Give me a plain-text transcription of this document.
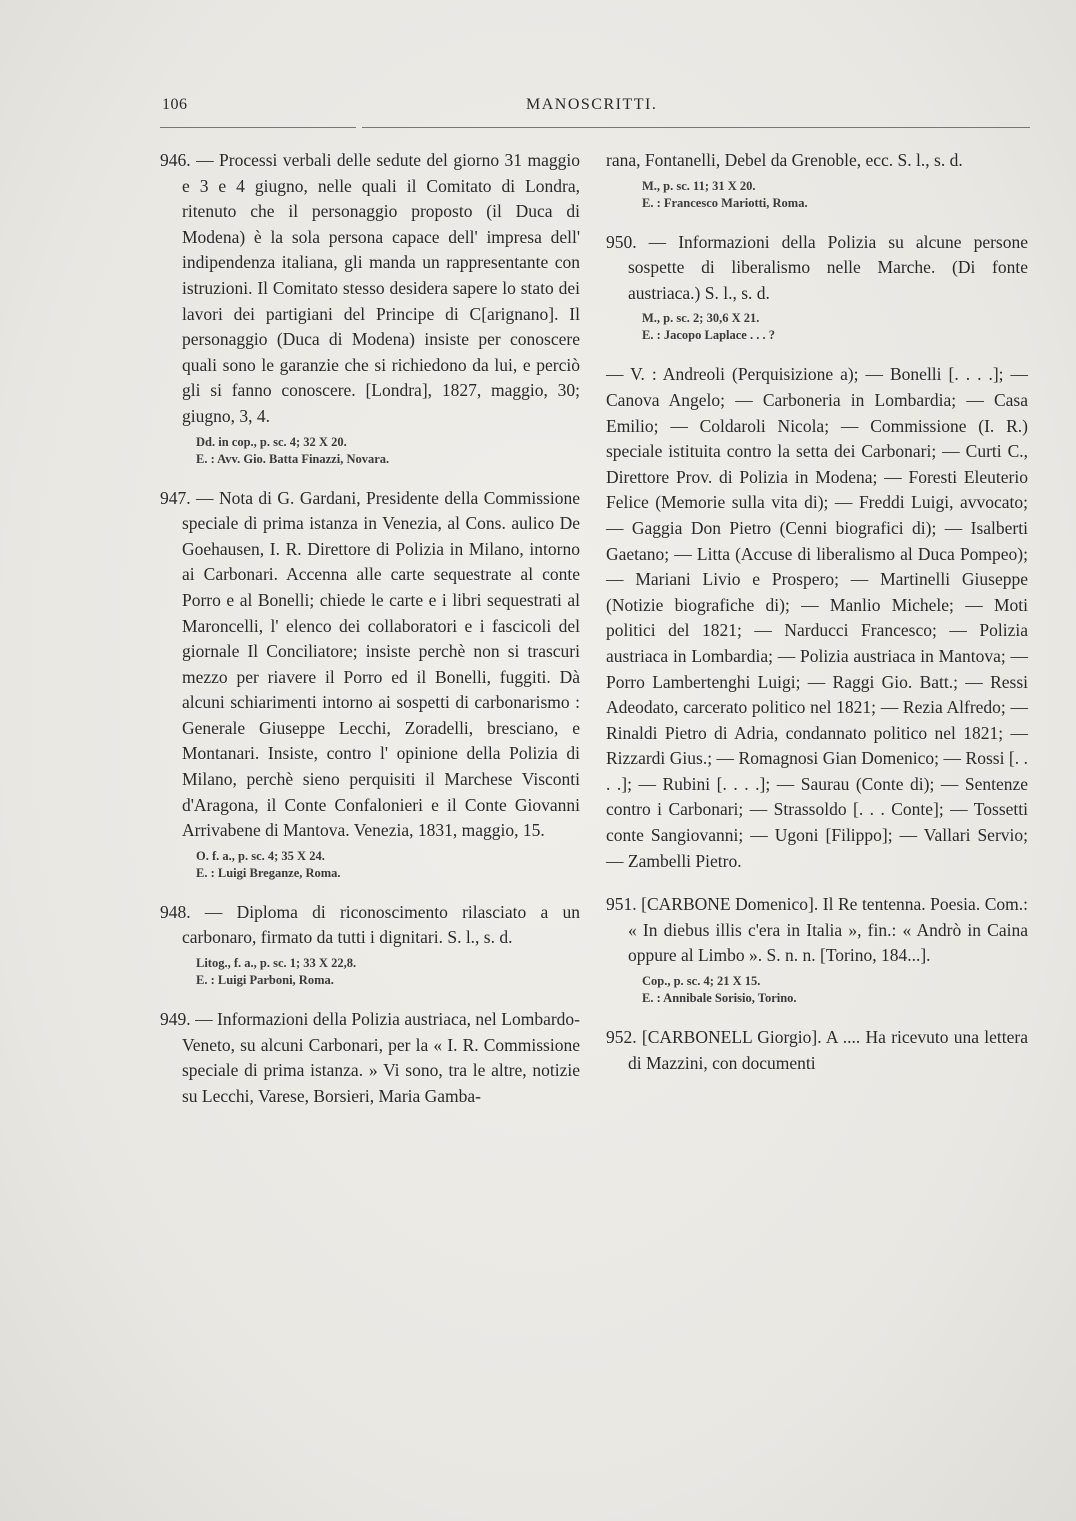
106	MANOSCRITTI.

946. — Processi verbali delle sedute del giorno 31 maggio e 3 e 4 giugno, nelle quali il Comitato di Londra, ritenuto che il personaggio proposto (il Duca di Modena) è la sola persona capace dell' impresa dell' indipendenza italiana, gli manda un rappresentante con istruzioni. Il Comitato stesso desidera sapere lo stato dei lavori dei partigiani del Principe di C[arignano]. Il personaggio (Duca di Modena) insiste per conoscere quali sono le garanzie che si richiedono da lui, e perciò gli si fanno conoscere. [Londra], 1827, maggio, 30; giugno, 3, 4.

Dd. in cop., p. sc. 4; 32 X 20.
E. : Avv. Gio. Batta Finazzi, Novara.

947. — Nota di G. Gardani, Presidente della Commissione speciale di prima istanza in Venezia, al Cons. aulico De Goehausen, I. R. Direttore di Polizia in Milano, intorno ai Carbonari. Accenna alle carte sequestrate al conte Porro e al Bonelli; chiede le carte e i libri sequestrati al Maroncelli, l' elenco dei collaboratori e i fascicoli del giornale Il Conciliatore; insiste perchè non si trascuri mezzo per riavere il Porro ed il Bonelli, fuggiti. Dà alcuni schiarimenti intorno ai sospetti di carbonarismo : Generale Giuseppe Lecchi, Zoradelli, bresciano, e Montanari. Insiste, contro l' opinione della Polizia di Milano, perchè sieno perquisiti il Marchese Visconti d'Aragona, il Conte Confalonieri e il Conte Giovanni Arrivabene di Mantova. Venezia, 1831, maggio, 15.

O. f. a., p. sc. 4; 35 X 24.
E. : Luigi Breganze, Roma.

948. — Diploma di riconoscimento rilasciato a un carbonaro, firmato da tutti i dignitari. S. l., s. d.

Litog., f. a., p. sc. 1; 33 X 22,8.
E. : Luigi Parboni, Roma.

949. — Informazioni della Polizia austriaca, nel Lombardo-Veneto, su alcuni Carbonari, per la « I. R. Commissione speciale di prima istanza. » Vi sono, tra le altre, notizie su Lecchi, Varese, Borsieri, Maria Gamba-

rana, Fontanelli, Debel da Grenoble, ecc. S. l., s. d.

M., p. sc. 11; 31 X 20.
E. : Francesco Mariotti, Roma.

950. — Informazioni della Polizia su alcune persone sospette di liberalismo nelle Marche. (Di fonte austriaca.) S. l., s. d.

M., p. sc. 2; 30,6 X 21.
E. : Jacopo Laplace . . . ?

— V. : Andreoli (Perquisizione a); — Bonelli [. . . .]; — Canova Angelo; — Carboneria in Lombardia; — Casa Emilio; — Coldaroli Nicola; — Commissione (I. R.) speciale istituita contro la setta dei Carbonari; — Curti C., Direttore Prov. di Polizia in Modena; — Foresti Eleuterio Felice (Memorie sulla vita di); — Freddi Luigi, avvocato; — Gaggia Don Pietro (Cenni biografici di); — Isalberti Gaetano; — Litta (Accuse di liberalismo al Duca Pompeo); — Mariani Livio e Prospero; — Martinelli Giuseppe (Notizie biografiche di); — Manlio Michele; — Moti politici del 1821; — Narducci Francesco; — Polizia austriaca in Lombardia; — Polizia austriaca in Mantova; — Porro Lambertenghi Luigi; — Raggi Gio. Batt.; — Ressi Adeodato, carcerato politico nel 1821; — Rezia Alfredo; — Rinaldi Pietro di Adria, condannato politico nel 1821; — Rizzardi Gius.; — Romagnosi Gian Domenico; — Rossi [. . . .]; — Rubini [. . . .]; — Saurau (Conte di); — Sentenze contro i Carbonari; — Strassoldo [. . . Conte]; — Tossetti conte Sangiovanni; — Ugoni [Filippo]; — Vallari Servio; — Zambelli Pietro.

951. [CARBONE Domenico]. Il Re tentenna. Poesia. Com.: « In diebus illis c'era in Italia », fin.: « Andrò in Caina oppure al Limbo ». S. n. n. [Torino, 184...].

Cop., p. sc. 4; 21 X 15.
E. : Annibale Sorisio, Torino.

952. [CARBONELL Giorgio]. A .... Ha ricevuto una lettera di Mazzini, con documenti
